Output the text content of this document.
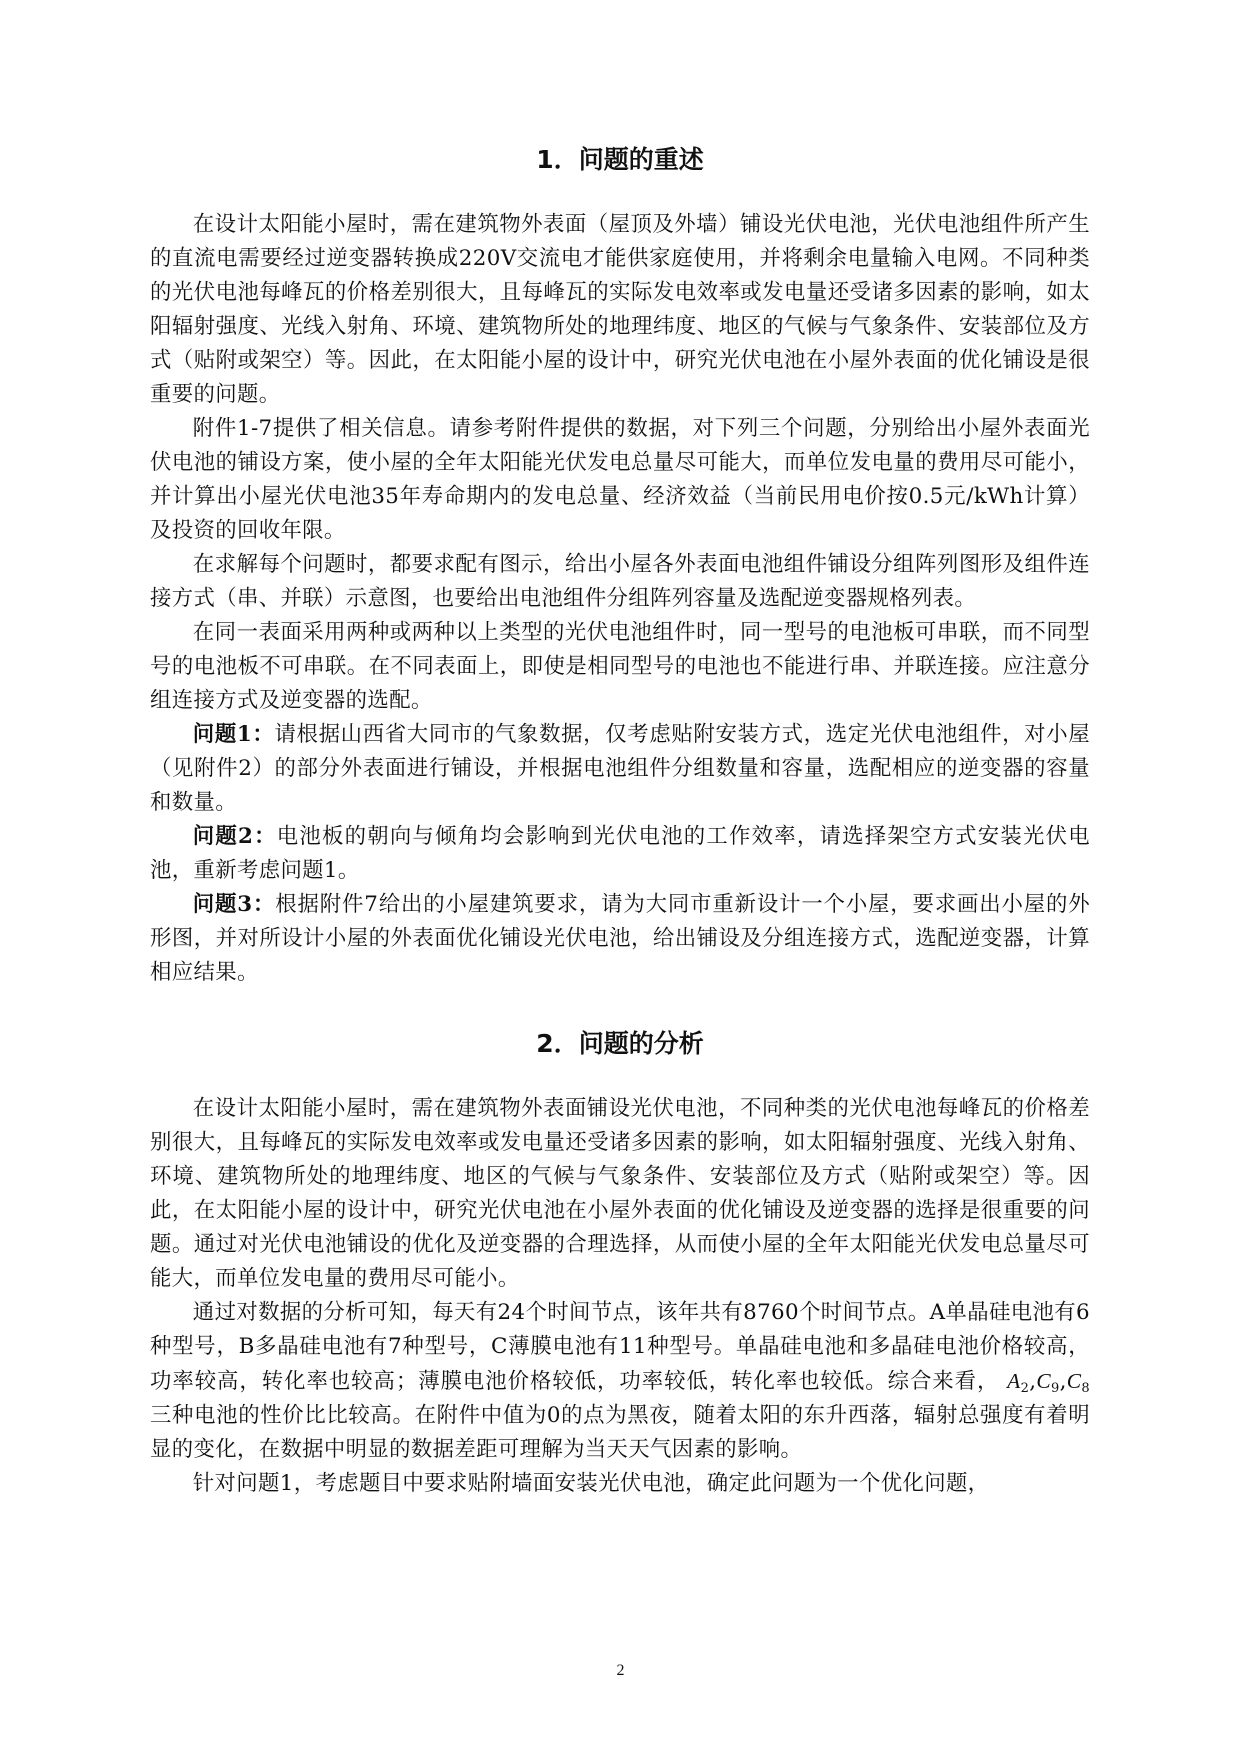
1．问题的重述

在设计太阳能小屋时，需在建筑物外表面（屋顶及外墙）铺设光伏电池，光伏电池组件所产生的直流电需要经过逆变器转换成220V交流电才能供家庭使用，并将剩余电量输入电网。不同种类的光伏电池每峰瓦的价格差别很大，且每峰瓦的实际发电效率或发电量还受诸多因素的影响，如太阳辐射强度、光线入射角、环境、建筑物所处的地理纬度、地区的气候与气象条件、安装部位及方式（贴附或架空）等。因此，在太阳能小屋的设计中，研究光伏电池在小屋外表面的优化铺设是很重要的问题。

附件1-7提供了相关信息。请参考附件提供的数据，对下列三个问题，分别给出小屋外表面光伏电池的铺设方案，使小屋的全年太阳能光伏发电总量尽可能大，而单位发电量的费用尽可能小，并计算出小屋光伏电池35年寿命期内的发电总量、经济效益（当前民用电价按0.5元/kWh计算）及投资的回收年限。

在求解每个问题时，都要求配有图示，给出小屋各外表面电池组件铺设分组阵列图形及组件连接方式（串、并联）示意图，也要给出电池组件分组阵列容量及选配逆变器规格列表。

在同一表面采用两种或两种以上类型的光伏电池组件时，同一型号的电池板可串联，而不同型号的电池板不可串联。在不同表面上，即使是相同型号的电池也不能进行串、并联连接。应注意分组连接方式及逆变器的选配。

问题1：请根据山西省大同市的气象数据，仅考虑贴附安装方式，选定光伏电池组件，对小屋（见附件2）的部分外表面进行铺设，并根据电池组件分组数量和容量，选配相应的逆变器的容量和数量。

问题2：电池板的朝向与倾角均会影响到光伏电池的工作效率，请选择架空方式安装光伏电池，重新考虑问题1。

问题3：根据附件7给出的小屋建筑要求，请为大同市重新设计一个小屋，要求画出小屋的外形图，并对所设计小屋的外表面优化铺设光伏电池，给出铺设及分组连接方式，选配逆变器，计算相应结果。

2．问题的分析

在设计太阳能小屋时，需在建筑物外表面铺设光伏电池，不同种类的光伏电池每峰瓦的价格差别很大，且每峰瓦的实际发电效率或发电量还受诸多因素的影响，如太阳辐射强度、光线入射角、环境、建筑物所处的地理纬度、地区的气候与气象条件、安装部位及方式（贴附或架空）等。因此，在太阳能小屋的设计中，研究光伏电池在小屋外表面的优化铺设及逆变器的选择是很重要的问题。通过对光伏电池铺设的优化及逆变器的合理选择，从而使小屋的全年太阳能光伏发电总量尽可能大，而单位发电量的费用尽可能小。

通过对数据的分析可知，每天有24个时间节点，该年共有8760个时间节点。A单晶硅电池有6种型号，B多晶硅电池有7种型号，C薄膜电池有11种型号。单晶硅电池和多晶硅电池价格较高，功率较高，转化率也较高；薄膜电池价格较低，功率较低，转化率也较低。综合来看， $A_2,C_9,C_8$ 三种电池的性价比比较高。在附件中值为0的点为黑夜，随着太阳的东升西落，辐射总强度有着明显的变化，在数据中明显的数据差距可理解为当天天气因素的影响。

针对问题1，考虑题目中要求贴附墙面安装光伏电池，确定此问题为一个优化问题，

2
